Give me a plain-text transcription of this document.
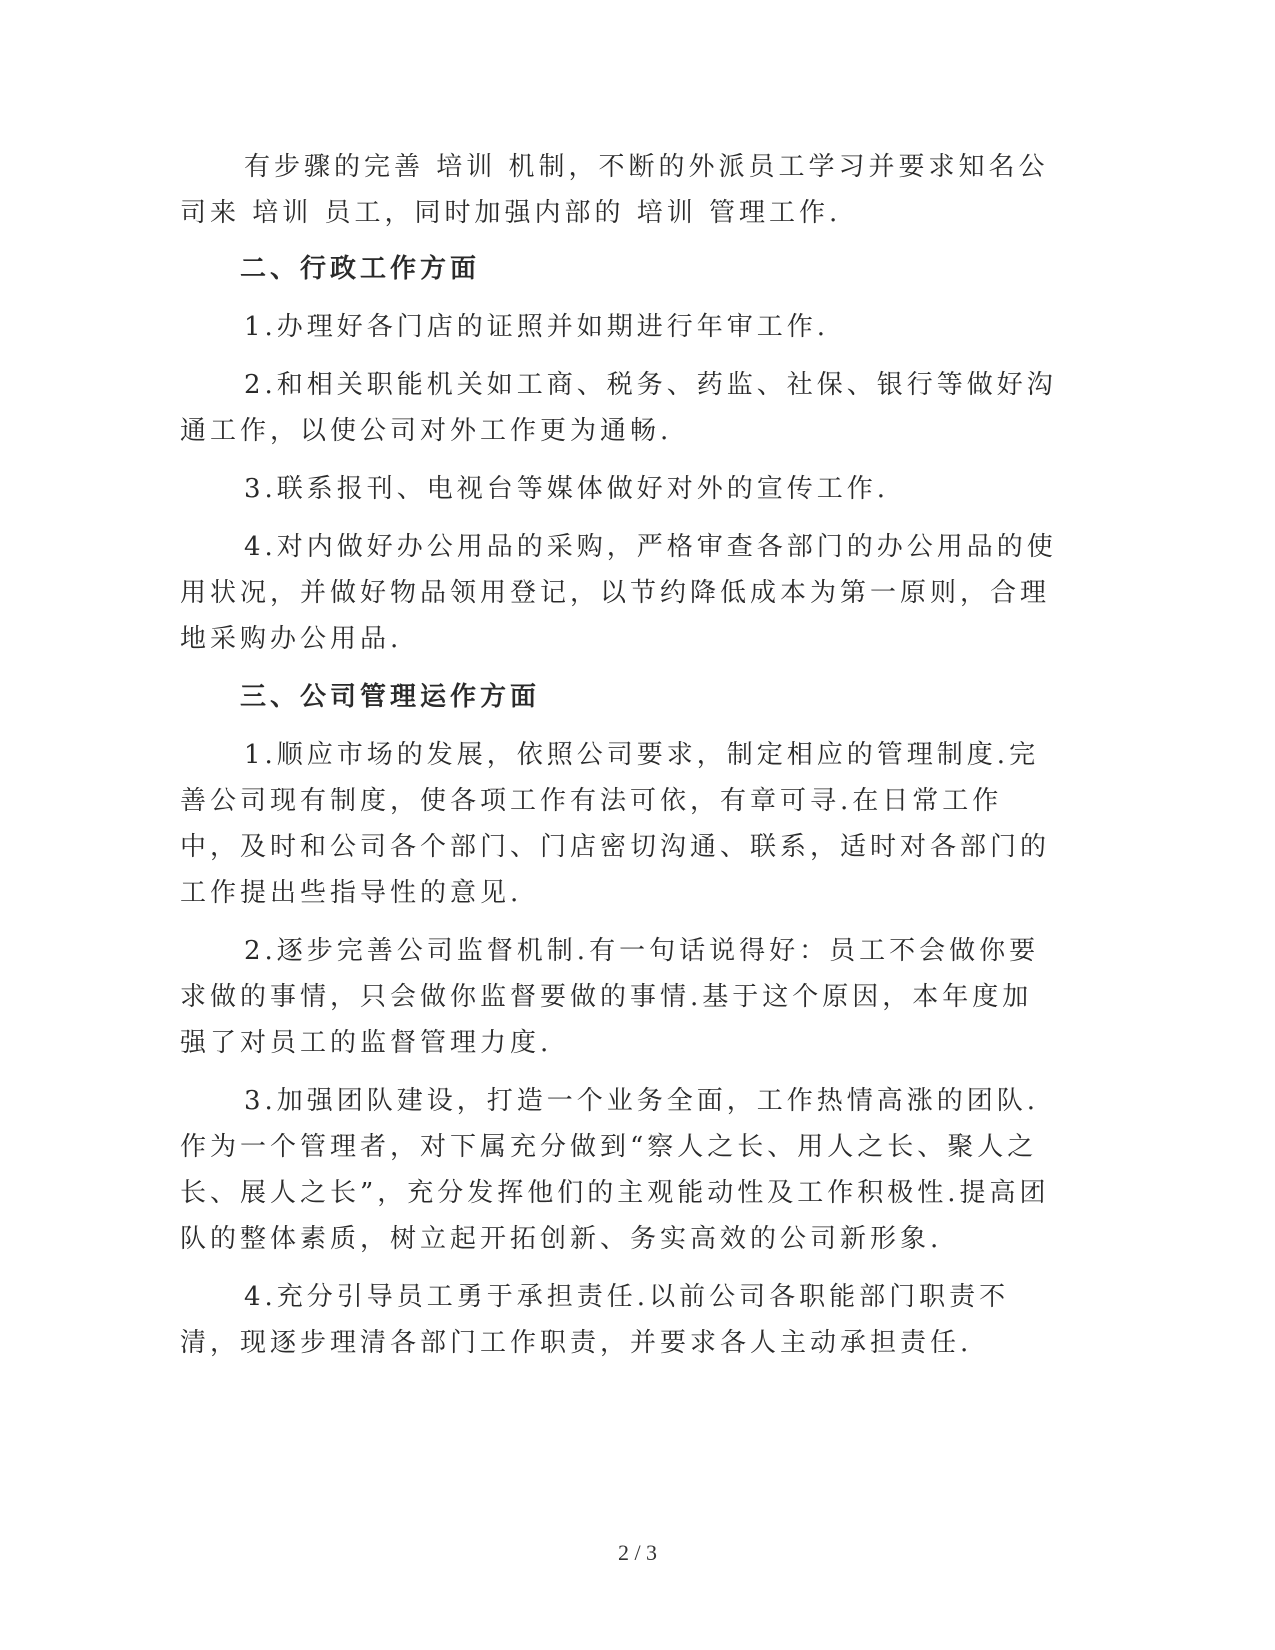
有步骤的完善 培训 机制，不断的外派员工学习并要求知名公司来 培训 员工，同时加强内部的 培训 管理工作.

二、行政工作方面

1.办理好各门店的证照并如期进行年审工作.

2.和相关职能机关如工商、税务、药监、社保、银行等做好沟通工作，以使公司对外工作更为通畅.

3.联系报刊、电视台等媒体做好对外的宣传工作.

4.对内做好办公用品的采购，严格审查各部门的办公用品的使用状况，并做好物品领用登记，以节约降低成本为第一原则，合理地采购办公用品.

三、公司管理运作方面

1.顺应市场的发展，依照公司要求，制定相应的管理制度.完善公司现有制度，使各项工作有法可依，有章可寻.在日常工作中，及时和公司各个部门、门店密切沟通、联系，适时对各部门的工作提出些指导性的意见.

2.逐步完善公司监督机制.有一句话说得好：员工不会做你要求做的事情，只会做你监督要做的事情.基于这个原因，本年度加强了对员工的监督管理力度.

3.加强团队建设，打造一个业务全面，工作热情高涨的团队.作为一个管理者，对下属充分做到“察人之长、用人之长、聚人之长、展人之长”，充分发挥他们的主观能动性及工作积极性.提高团队的整体素质，树立起开拓创新、务实高效的公司新形象.

4.充分引导员工勇于承担责任.以前公司各职能部门职责不清，现逐步理清各部门工作职责，并要求各人主动承担责任.

2 / 3
